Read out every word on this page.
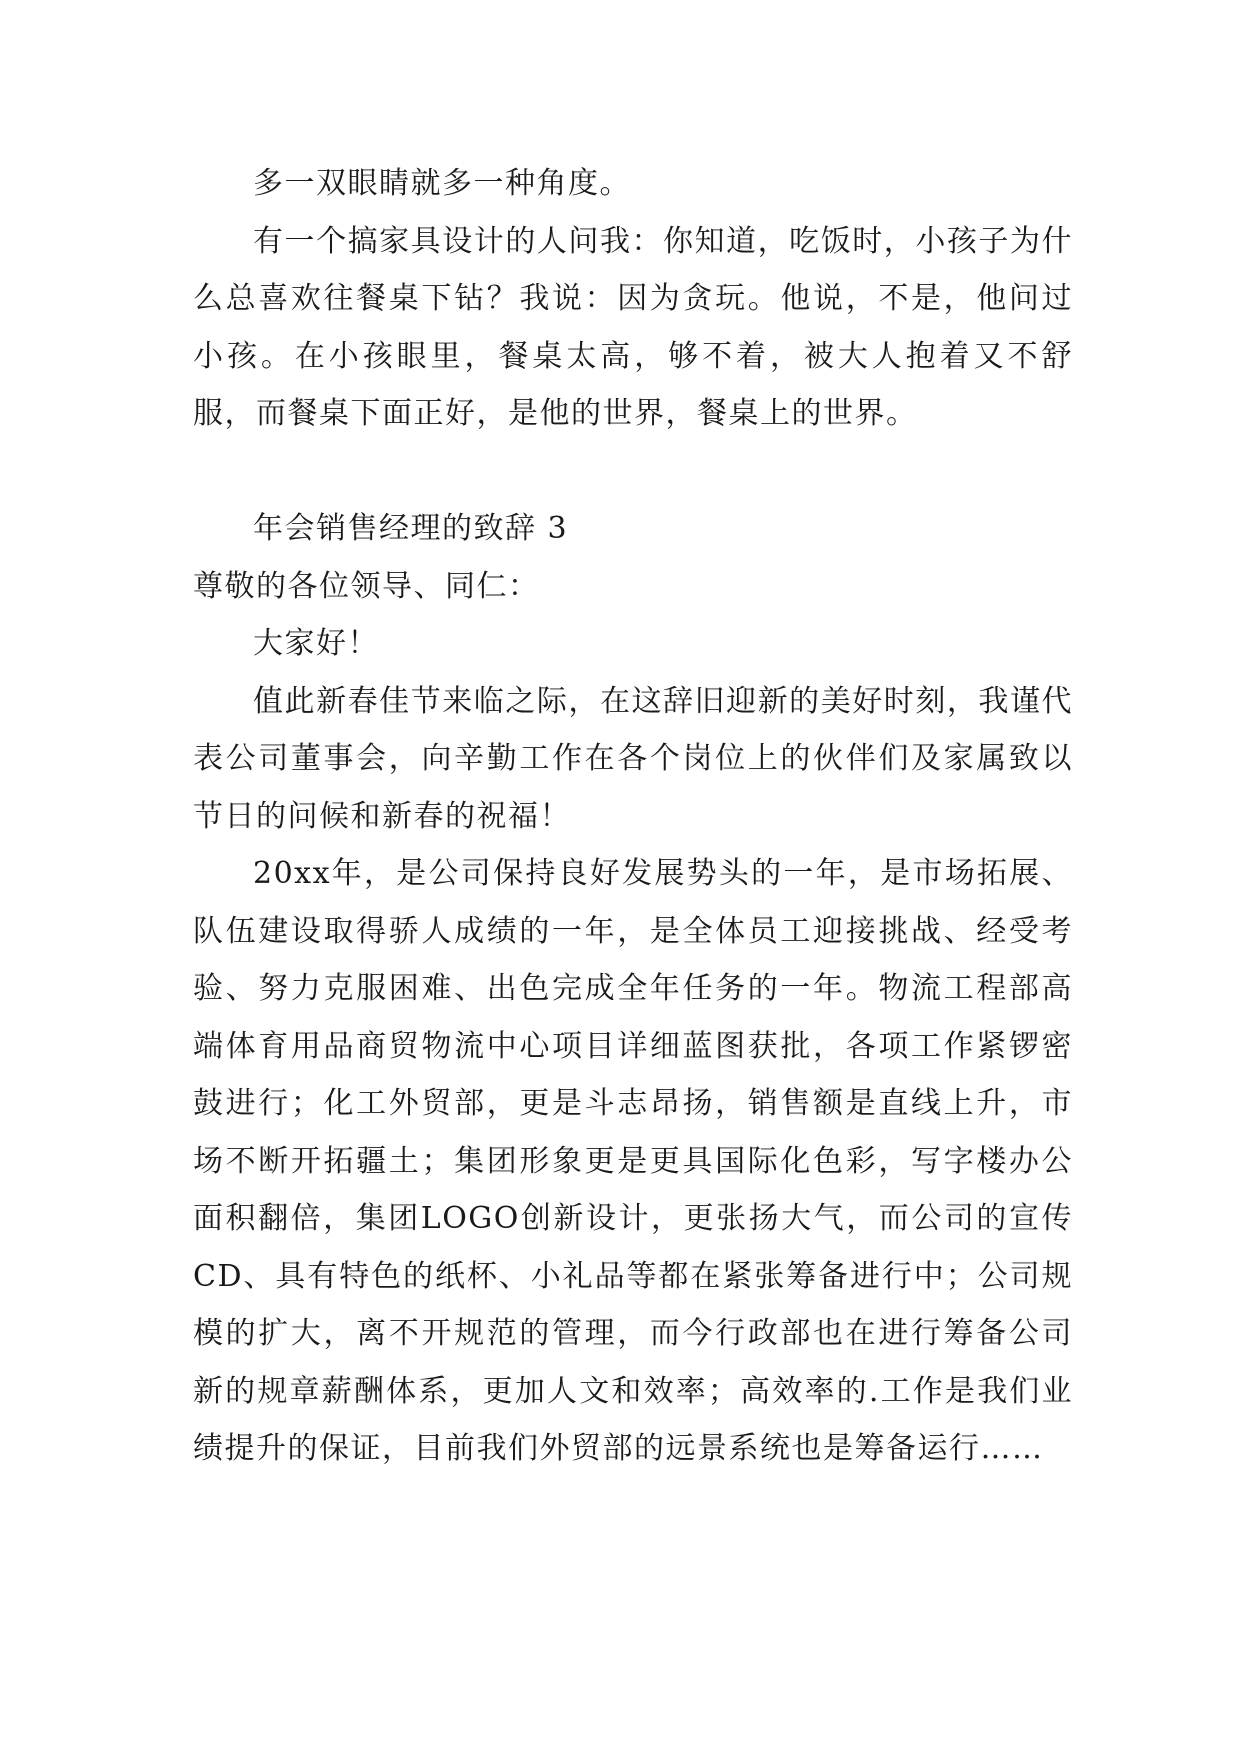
多一双眼睛就多一种角度。

有一个搞家具设计的人问我：你知道，吃饭时，小孩子为什么总喜欢往餐桌下钻？我说：因为贪玩。他说，不是，他问过小孩。在小孩眼里，餐桌太高，够不着，被大人抱着又不舒服，而餐桌下面正好，是他的世界，餐桌上的世界。

年会销售经理的致辞 3

尊敬的各位领导、同仁：

大家好！

值此新春佳节来临之际，在这辞旧迎新的美好时刻，我谨代表公司董事会，向辛勤工作在各个岗位上的伙伴们及家属致以节日的问候和新春的祝福！

20xx年，是公司保持良好发展势头的一年，是市场拓展、队伍建设取得骄人成绩的一年，是全体员工迎接挑战、经受考验、努力克服困难、出色完成全年任务的一年。物流工程部高端体育用品商贸物流中心项目详细蓝图获批，各项工作紧锣密鼓进行；化工外贸部，更是斗志昂扬，销售额是直线上升，市场不断开拓疆土；集团形象更是更具国际化色彩，写字楼办公面积翻倍，集团LOGO创新设计，更张扬大气，而公司的宣传CD、具有特色的纸杯、小礼品等都在紧张筹备进行中；公司规模的扩大，离不开规范的管理，而今行政部也在进行筹备公司新的规章薪酬体系，更加人文和效率；高效率的.工作是我们业绩提升的保证，目前我们外贸部的远景系统也是筹备运行……
